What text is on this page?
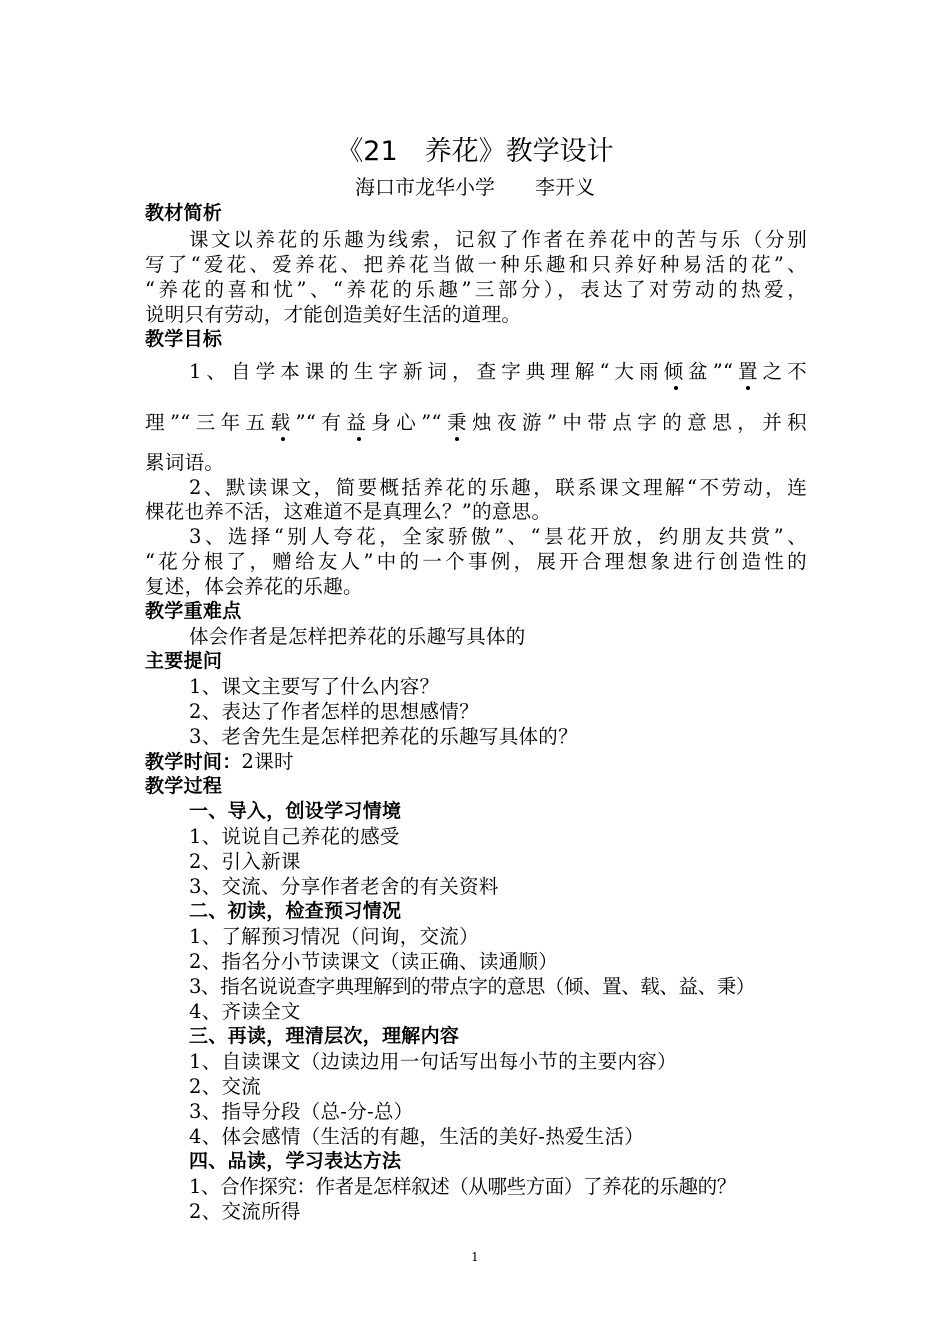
《21　养花》教学设计
海口市龙华小学 李开义

教材简析

课文以养花的乐趣为线索，记叙了作者在养花中的苦与乐（分别

写了“爱花、爱养花、把养花当做一种乐趣和只养好种易活的花”、

“养花的喜和忧”、“养花的乐趣”三部分），表达了对劳动的热爱，

说明只有劳动，才能创造美好生活的道理。

教学目标

1、自学本课的生字新词，查字典理解“大雨倾盆”“置之不

理”“三年五载”“有益身心”“秉烛夜游”中带点字的意思，并积

累词语。

2、默读课文，简要概括养花的乐趣，联系课文理解“不劳动，连

棵花也养不活，这难道不是真理么？”的意思。

3、选择“别人夸花，全家骄傲”、“昙花开放，约朋友共赏”、

“花分根了，赠给友人”中的一个事例，展开合理想象进行创造性的

复述，体会养花的乐趣。

教学重难点

体会作者是怎样把养花的乐趣写具体的

主要提问

1、课文主要写了什么内容？

2、表达了作者怎样的思想感情？

3、老舍先生是怎样把养花的乐趣写具体的？

教学时间：2课时

教学过程

一、导入，创设学习情境

1、说说自己养花的感受

2、引入新课

3、交流、分享作者老舍的有关资料

二、初读，检查预习情况

1、了解预习情况（问询，交流）

2、指名分小节读课文（读正确、读通顺）

3、指名说说查字典理解到的带点字的意思（倾、置、载、益、秉）

4、齐读全文

三、再读，理清层次，理解内容

1、自读课文（边读边用一句话写出每小节的主要内容）

2、交流

3、指导分段（总-分-总）

4、体会感情（生活的有趣，生活的美好-热爱生活）

四、品读，学习表达方法

1、合作探究：作者是怎样叙述（从哪些方面）了养花的乐趣的？

2、交流所得

1
